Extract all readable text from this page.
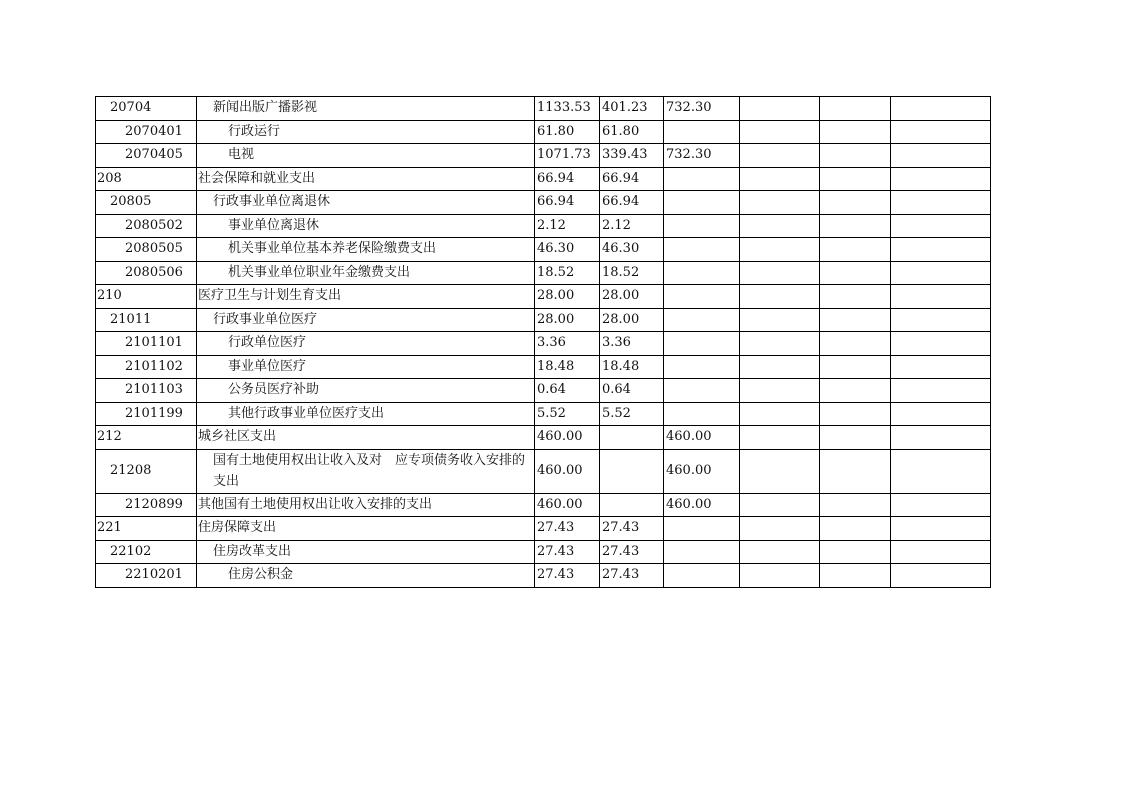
20704	新闻出版广播影视	1133.53	401.23	732.30			
2070401	行政运行	61.80	61.80				
2070405	电视	1071.73	339.43	732.30			
208	社会保障和就业支出	66.94	66.94				
20805	行政事业单位离退休	66.94	66.94				
2080502	事业单位离退休	2.12	2.12				
2080505	机关事业单位基本养老保险缴费支出	46.30	46.30				
2080506	机关事业单位职业年金缴费支出	18.52	18.52				
210	医疗卫生与计划生育支出	28.00	28.00				
21011	行政事业单位医疗	28.00	28.00				
2101101	行政单位医疗	3.36	3.36				
2101102	事业单位医疗	18.48	18.48				
2101103	公务员医疗补助	0.64	0.64				
2101199	其他行政事业单位医疗支出	5.52	5.52				
212	城乡社区支出	460.00		460.00			
21208	国有土地使用权出让收入及对　应专项债务收入安排的支出	460.00		460.00			
2120899	其他国有土地使用权出让收入安排的支出	460.00		460.00			
221	住房保障支出	27.43	27.43				
22102	住房改革支出	27.43	27.43				
2210201	住房公积金	27.43	27.43				
